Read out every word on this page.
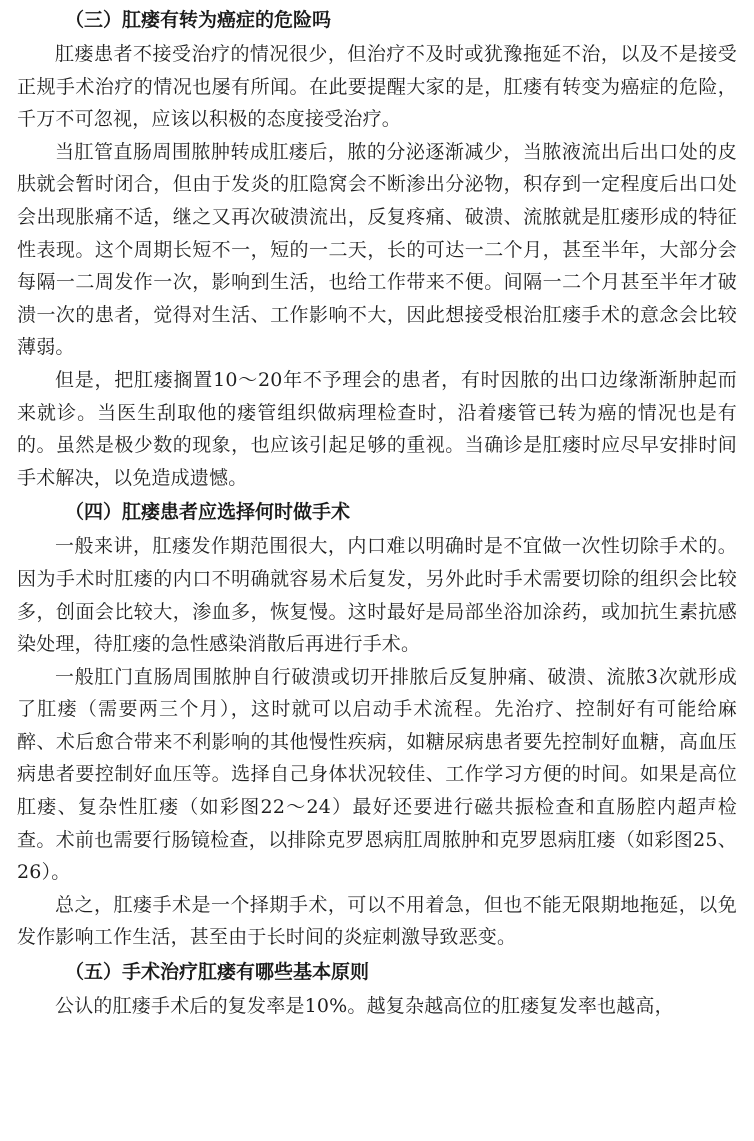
（三）肛瘘有转为癌症的危险吗

肛瘘患者不接受治疗的情况很少，但治疗不及时或犹豫拖延不治，以及不是接受正规手术治疗的情况也屡有所闻。在此要提醒大家的是，肛瘘有转变为癌症的危险，千万不可忽视，应该以积极的态度接受治疗。

当肛管直肠周围脓肿转成肛瘘后，脓的分泌逐渐减少，当脓液流出后出口处的皮肤就会暂时闭合，但由于发炎的肛隐窝会不断渗出分泌物，积存到一定程度后出口处会出现胀痛不适，继之又再次破溃流出，反复疼痛、破溃、流脓就是肛瘘形成的特征性表现。这个周期长短不一，短的一二天，长的可达一二个月，甚至半年，大部分会每隔一二周发作一次，影响到生活，也给工作带来不便。间隔一二个月甚至半年才破溃一次的患者，觉得对生活、工作影响不大，因此想接受根治肛瘘手术的意念会比较薄弱。

但是，把肛瘘搁置10～20年不予理会的患者，有时因脓的出口边缘渐渐肿起而来就诊。当医生刮取他的瘘管组织做病理检查时，沿着瘘管已转为癌的情况也是有的。虽然是极少数的现象，也应该引起足够的重视。当确诊是肛瘘时应尽早安排时间手术解决，以免造成遗憾。

（四）肛瘘患者应选择何时做手术

一般来讲，肛瘘发作期范围很大，内口难以明确时是不宜做一次性切除手术的。因为手术时肛瘘的内口不明确就容易术后复发，另外此时手术需要切除的组织会比较多，创面会比较大，渗血多，恢复慢。这时最好是局部坐浴加涂药，或加抗生素抗感染处理，待肛瘘的急性感染消散后再进行手术。

一般肛门直肠周围脓肿自行破溃或切开排脓后反复肿痛、破溃、流脓3次就形成了肛瘘（需要两三个月），这时就可以启动手术流程。先治疗、控制好有可能给麻醉、术后愈合带来不利影响的其他慢性疾病，如糖尿病患者要先控制好血糖，高血压病患者要控制好血压等。选择自己身体状况较佳、工作学习方便的时间。如果是高位肛瘘、复杂性肛瘘（如彩图22～24）最好还要进行磁共振检查和直肠腔内超声检查。术前也需要行肠镜检查，以排除克罗恩病肛周脓肿和克罗恩病肛瘘（如彩图25、26）。

总之，肛瘘手术是一个择期手术，可以不用着急，但也不能无限期地拖延，以免发作影响工作生活，甚至由于长时间的炎症刺激导致恶变。

（五）手术治疗肛瘘有哪些基本原则

公认的肛瘘手术后的复发率是10%。越复杂越高位的肛瘘复发率也越高，
